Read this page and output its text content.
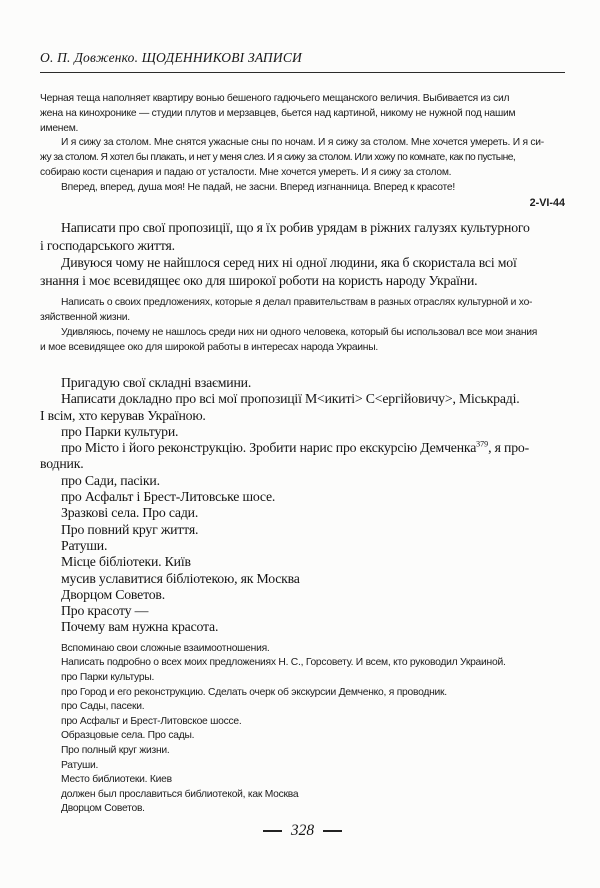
О. П. Довженко. ЩОДЕННИКОВІ ЗАПИСИ
Черная теща наполняет квартиру вонью бешеного гадючьего мещанского величия. Выбивается из сил
жена на кинохронике — студии плутов и мерзавцев, бьется над картиной, никому не нужной под нашим
именем.
И я сижу за столом. Мне снятся ужасные сны по ночам. И я сижу за столом. Мне хочется умереть. И я си-
жу за столом. Я хотел бы плакать, и нет у меня слез. И я сижу за столом. Или хожу по комнате, как по пустыне,
собираю кости сценария и падаю от усталости. Мне хочется умереть. И я сижу за столом.
Вперед, вперед, душа моя! Не падай, не засни. Вперед изгнанница. Вперед к красоте!
2-VI-44
Написати про свої пропозиції, що я їх робив урядам в ріжних галузях культурного
і господарського життя.
Дивуюся чому не найшлося серед них ні одної людини, яка б скористала всі мої
знання і моє всевидящеє око для широкої роботи на користь народу України.
Написать о своих предложениях, которые я делал правительствам в разных отраслях культурной и хо-
зяйственной жизни.
Удивляюсь, почему не нашлось среди них ни одного человека, который бы использовал все мои знания
и мое всевидящее око для широкой работы в интересах народа Украины.
Пригадую свої складні взаємини.
Написати докладно про всі мої пропозиції М<икиті> С<ергійовичу>, Міськраді.
І всім, хто керував Україною.
про Парки культури.
про Місто і його реконструкцію. Зробити нарис про екскурсію Демченка$^{379}$, я про-
водник.
про Сади, пасіки.
про Асфальт і Брест-Литовське шосе.
Зразкові села. Про сади.
Про повний круг життя.
Ратуши.
Місце бібліотеки. Київ
мусив уславитися бібліотекою, як Москва
Дворцом Советов.
Про красоту —
Почему вам нужна красота.
Вспоминаю свои сложные взаимоотношения.
Написать подробно о всех моих предложениях Н. С., Горсовету. И всем, кто руководил Украиной.
про Парки культуры.
про Город и его реконструкцию. Сделать очерк об экскурсии Демченко, я проводник.
про Сады, пасеки.
про Асфальт и Брест-Литовское шоссе.
Образцовые села. Про сады.
Про полный круг жизни.
Ратуши.
Место библиотеки. Киев
должен был прославиться библиотекой, как Москва
Дворцом Советов.
328
